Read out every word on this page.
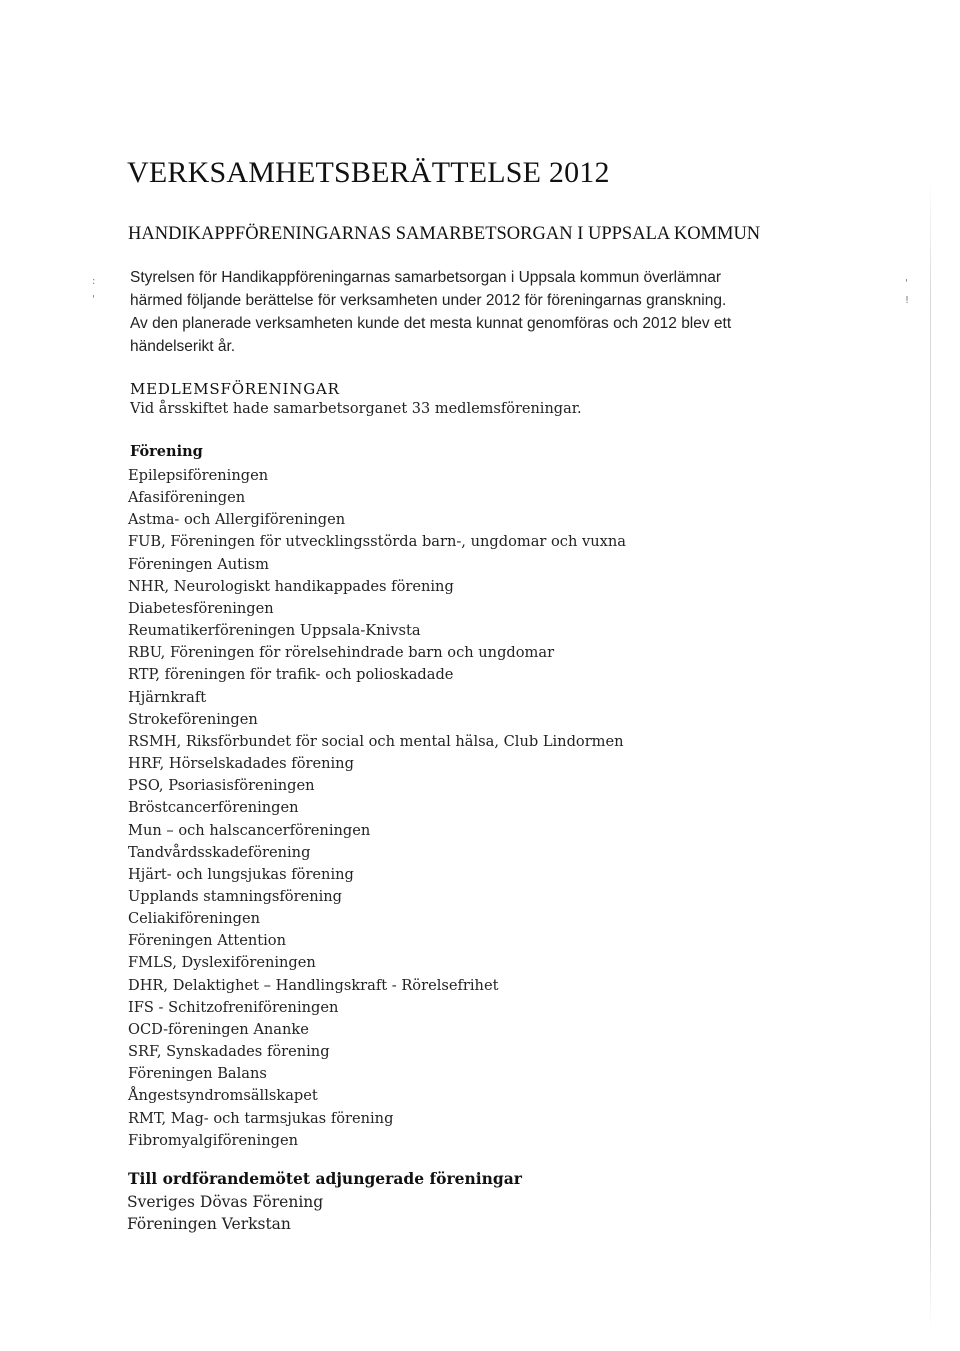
VERKSAMHETSBERÄTTELSE 2012
HANDIKAPPFÖRENINGARNAS SAMARBETSORGAN I UPPSALA KOMMUN
Styrelsen för Handikappföreningarnas samarbetsorgan i Uppsala kommun överlämnar
härmed följande berättelse för verksamheten under 2012 för föreningarnas granskning.
Av den planerade verksamheten kunde det mesta kunnat genomföras och 2012 blev ett
händelserikt år.
MEDLEMSFÖRENINGAR

Vid årsskiftet hade samarbetsorganet 33 medlemsföreningar.

Förening
Epilepsiföreningen
Afasiföreningen
Astma- och Allergiföreningen
FUB, Föreningen för utvecklingsstörda barn-, ungdomar och vuxna
Föreningen Autism
NHR, Neurologiskt handikappades förening
Diabetesföreningen
Reumatikerföreningen Uppsala-Knivsta
RBU, Föreningen för rörelsehindrade barn och ungdomar
RTP, föreningen för trafik- och polioskadade
Hjärnkraft
Strokeföreningen
RSMH, Riksförbundet för social och mental hälsa, Club Lindormen
HRF, Hörselskadades förening
PSO, Psoriasisföreningen
Bröstcancerföreningen
Mun – och halscancerföreningen
Tandvårdsskadeförening
Hjärt- och lungsjukas förening
Upplands stamningsförening
Celiakiföreningen
Föreningen Attention
FMLS, Dyslexiföreningen
DHR, Delaktighet – Handlingskraft - Rörelsefrihet
IFS - Schitzofreniföreningen
OCD-föreningen Ananke
SRF, Synskadades förening
Föreningen Balans
Ångestsyndromsällskapet
RMT, Mag- och tarmsjukas förening
Fibromyalgiföreningen
Till ordförandemötet adjungerade föreningar
Sveriges Dövas Förening
Föreningen Verkstan
:
'
'
!
